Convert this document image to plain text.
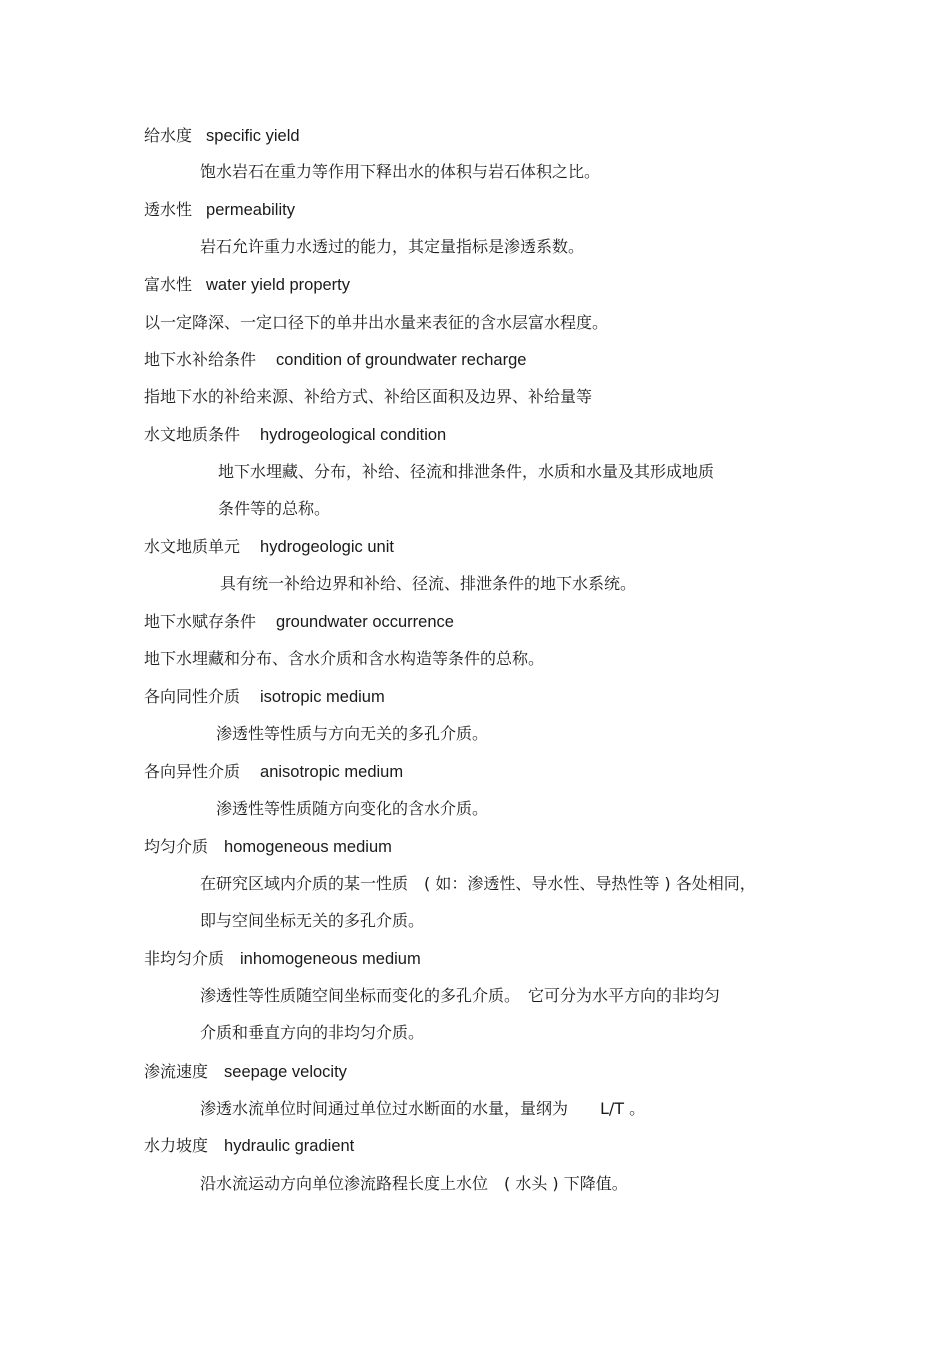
给水度 specific yield
饱水岩石在重力等作用下释出水的体积与岩石体积之比。
透水性 permeability
岩石允许重力水透过的能力，其定量指标是渗透系数。
富水性 water yield property
以一定降深、一定口径下的单井出水量来表征的含水层富水程度。
地下水补给条件 condition of groundwater recharge
指地下水的补给来源、补给方式、补给区面积及边界、补给量等
水文地质条件 hydrogeological condition
地下水埋藏、分布，补给、径流和排泄条件，水质和水量及其形成地质
条件等的总称。
水文地质单元 hydrogeologic unit
具有统一补给边界和补给、径流、排泄条件的地下水系统。
地下水赋存条件 groundwater occurrence
地下水埋藏和分布、含水介质和含水构造等条件的总称。
各向同性介质 isotropic medium
渗透性等性质与方向无关的多孔介质。
各向异性介质 anisotropic medium
渗透性等性质随方向变化的含水介质。
均匀介质 homogeneous medium
在研究区域内介质的某一性质　( 如：渗透性、导水性、导热性等 ) 各处相同，
即与空间坐标无关的多孔介质。
非均匀介质 inhomogeneous medium
渗透性等性质随空间坐标而变化的多孔介质。　它可分为水平方向的非均匀
介质和垂直方向的非均匀介质。
渗流速度 seepage velocity
渗透水流单位时间通过单位过水断面的水量，量纲为　　L/T 。
水力坡度 hydraulic gradient
沿水流运动方向单位渗流路程长度上水位　( 水头 ) 下降值。
